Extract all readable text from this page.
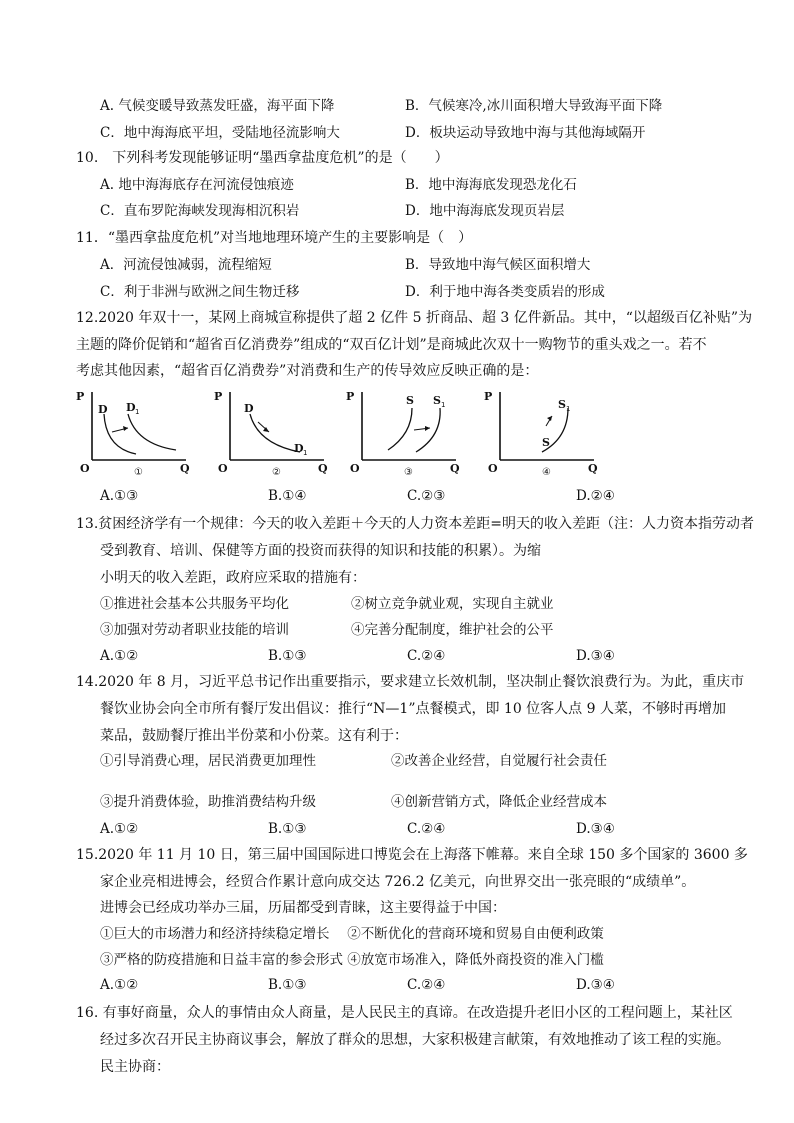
A. 气候变暖导致蒸发旺盛，海平面下降	B．气候寒冷,冰川面积增大导致海平面下降
C．地中海海底平坦，受陆地径流影响大	D．板块运动导致地中海与其他海域隔开
10.　下列科考发现能够证明“墨西拿盐度危机”的是（　　）
A. 地中海海底存在河流侵蚀痕迹	B．地中海海底发现恐龙化石
C．直布罗陀海峡发现海相沉积岩	D．地中海海底发现页岩层
11．“墨西拿盐度危机”对当地地理环境产生的主要影响是（　）
A．河流侵蚀减弱，流程缩短	B．导致地中海气候区面积增大
C．利于非洲与欧洲之间生物迁移	D．利于地中海各类变质岩的形成
12.2020 年双十一，某网上商城宣称提供了超 2 亿件 5 折商品、超 3 亿件新品。其中，“以超级百亿补贴”为
主题的降价促销和“超省百亿消费券”组成的“双百亿计划”是商城此次双十一购物节的重头戏之一。若不
考虑其他因素，“超省百亿消费券”对消费和生产的传导效应反映正确的是：
P
O	Q
①
D D 1
P
O	Q
②
D
D 1
P
O	Q
③
S S 1
P
O	Q
④
S
S 1
A.①③	B.①④	C.②③	D.②④
13.贫困经济学有一个规律：今天的收入差距＋今天的人力资本差距=明天的收入差距（注：人力资本指劳动者
受到教育、培训、保健等方面的投资而获得的知识和技能的积累）。为缩
小明天的收入差距，政府应采取的措施有：
①推进社会基本公共服务平均化	②树立竞争就业观，实现自主就业
③加强对劳动者职业技能的培训	④完善分配制度，维护社会的公平
A.①②	B.①③	C.②④	D.③④
14.2020 年 8 月，习近平总书记作出重要指示，要求建立长效机制，坚决制止餐饮浪费行为。为此，重庆市
餐饮业协会向全市所有餐厅发出倡议：推行“N—1”点餐模式，即 10 位客人点 9 人菜，不够时再增加
菜品，鼓励餐厅推出半份菜和小份菜。这有利于：
①引导消费心理，居民消费更加理性	②改善企业经营，自觉履行社会责任
③提升消费体验，助推消费结构升级	④创新营销方式，降低企业经营成本
A.①②	B.①③	C.②④	D.③④
15.2020 年 11 月 10 日，第三届中国国际进口博览会在上海落下帷幕。来自全球 150 多个国家的 3600 多
家企业亮相进博会，经贸合作累计意向成交达 726.2 亿美元，向世界交出一张亮眼的“成绩单”。
进博会已经成功举办三届，历届都受到青睐，这主要得益于中国：
①巨大的市场潜力和经济持续稳定增长　 ②不断优化的营商环境和贸易自由便利政策
③严格的防疫措施和日益丰富的参会形式 ④放宽市场准入，降低外商投资的准入门槛
A.①②	B.①③	C.②④	D.③④
16. 有事好商量，众人的事情由众人商量，是人民民主的真谛。在改造提升老旧小区的工程问题上，某社区
经过多次召开民主协商议事会，解放了群众的思想，大家积极建言献策，有效地推动了该工程的实施。
民主协商：
